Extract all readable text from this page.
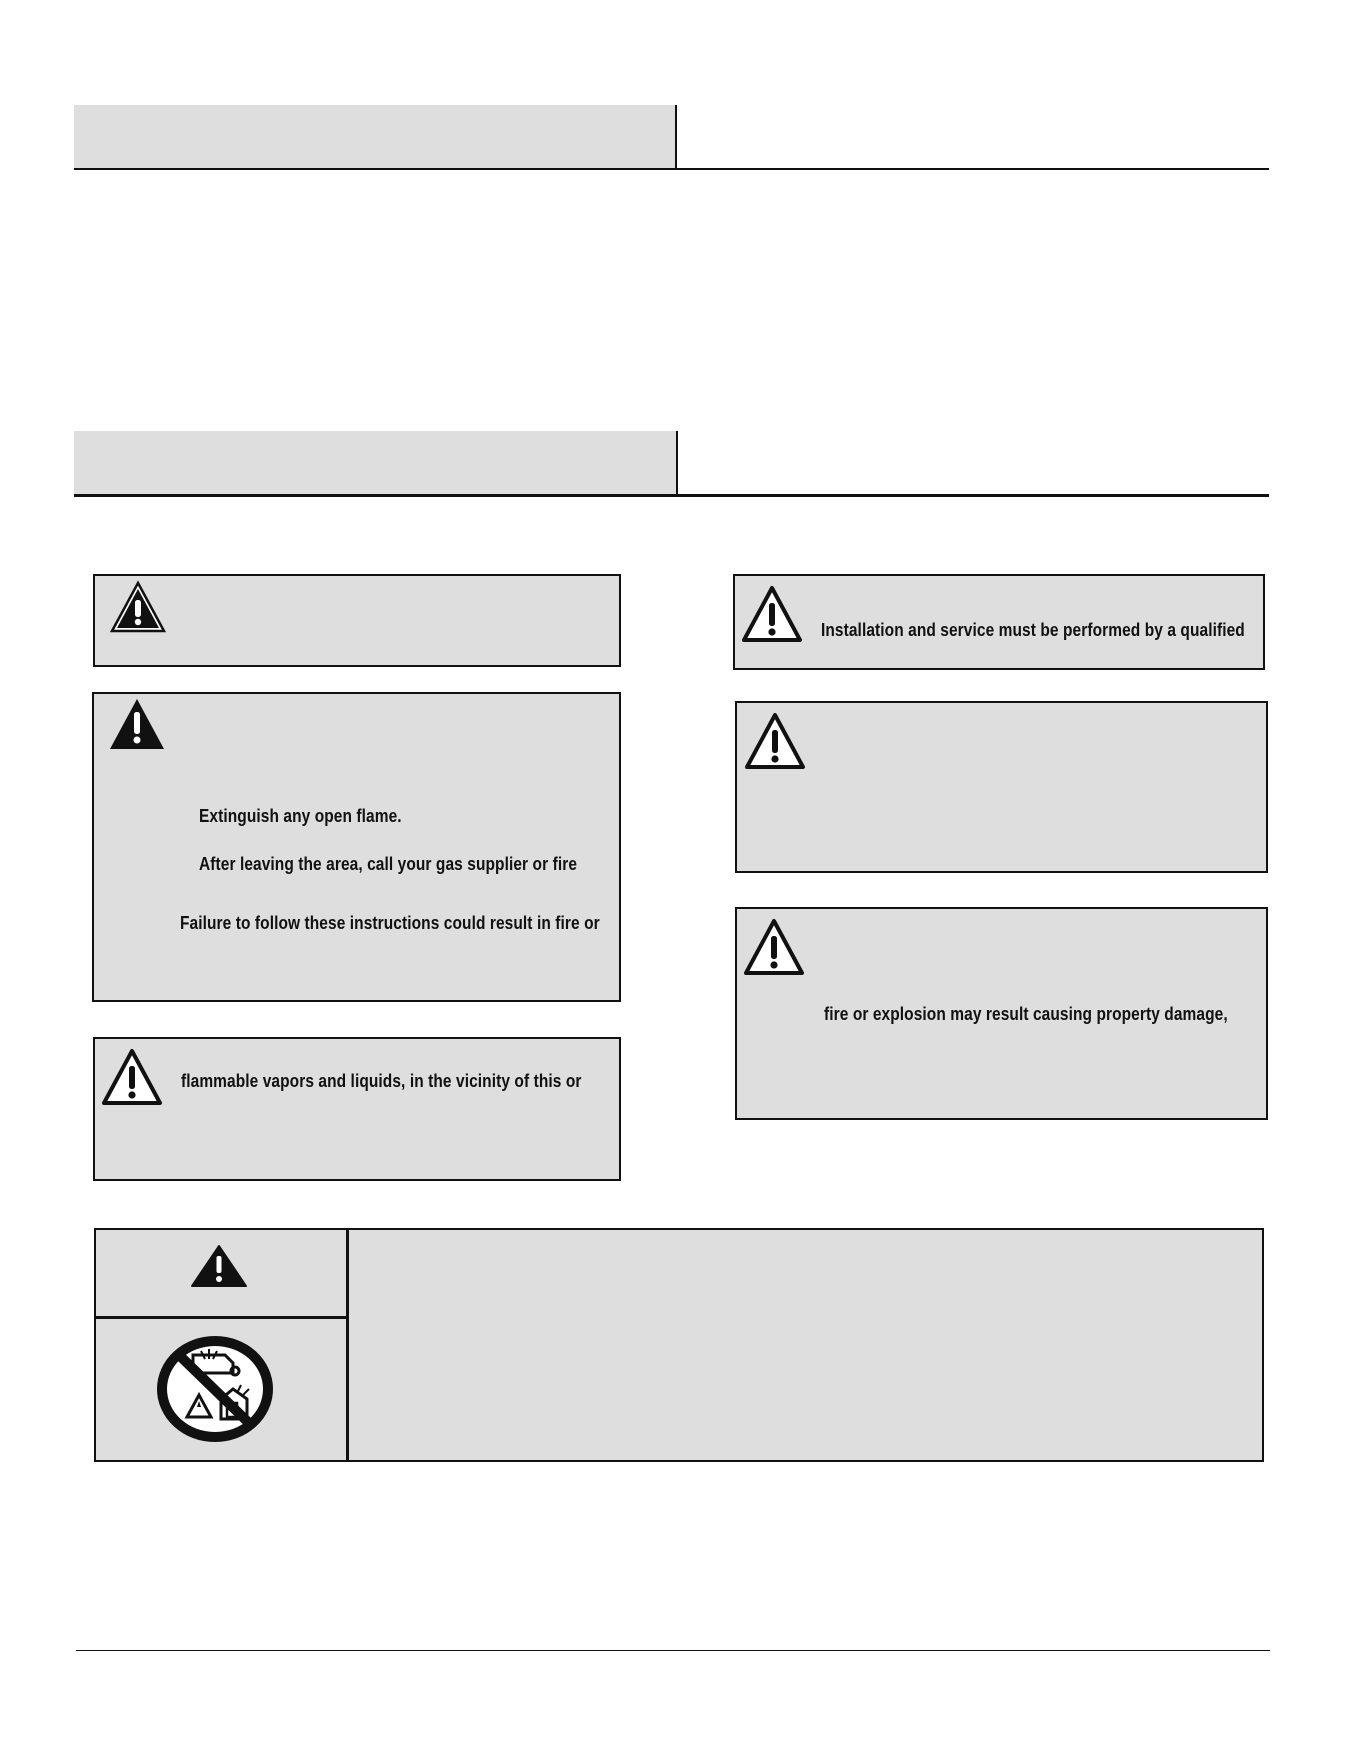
Extinguish any open flame.
After leaving the area, call your gas supplier or fire
Failure to follow these instructions could result in fire or
flammable vapors and liquids, in the vicinity of this or
Installation and service must be performed by a qualified
fire or explosion may result causing property damage,
